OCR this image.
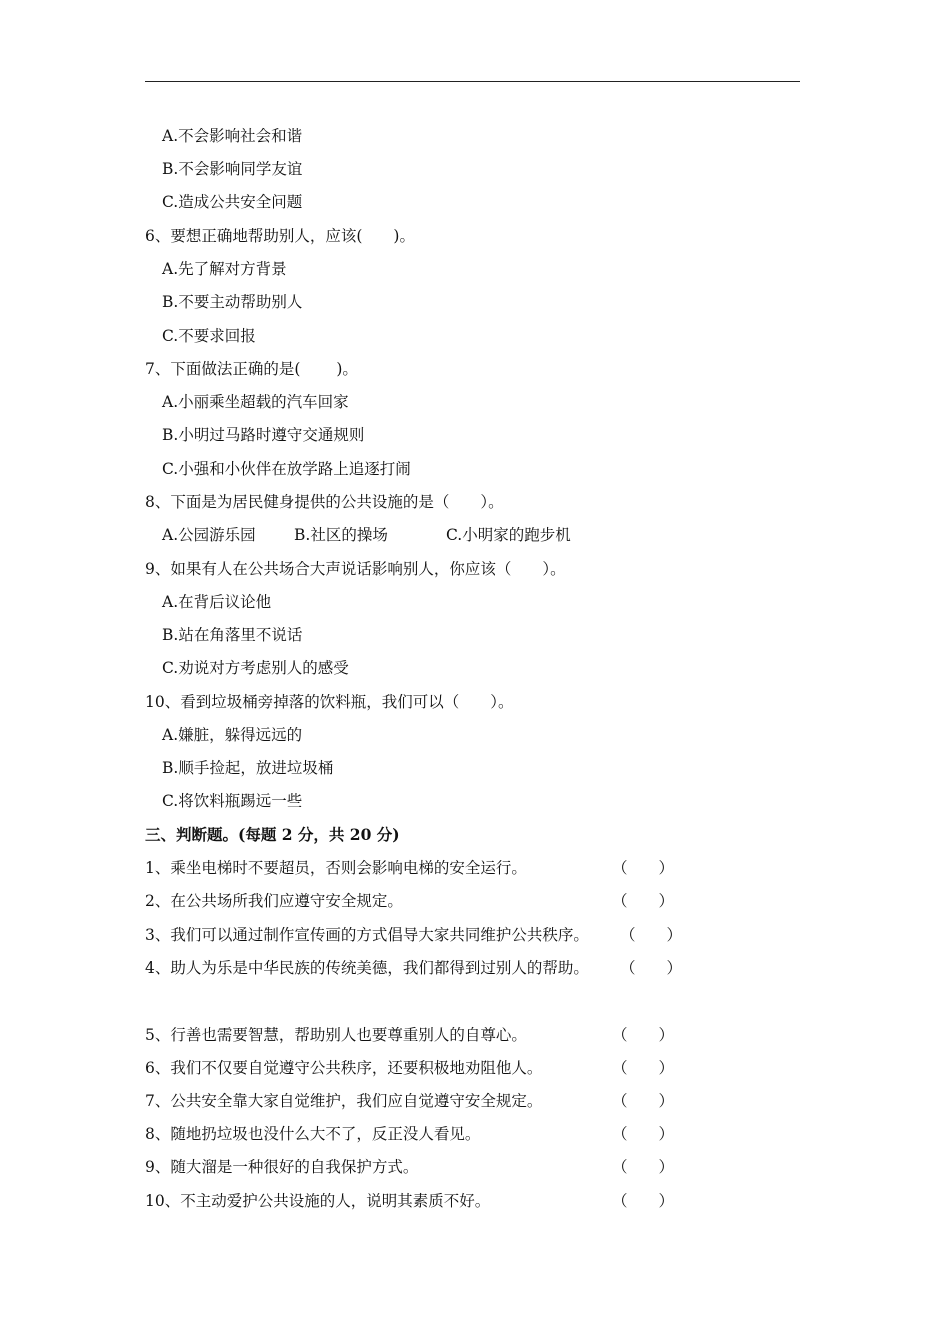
A.不会影响社会和谐
B.不会影响同学友谊
C.造成公共安全问题
6、要想正确地帮助别人，应该(　　)。
A.先了解对方背景
B.不要主动帮助别人
C.不要求回报
7、下面做法正确的是(　　 )。
A.小丽乘坐超载的汽车回家
B.小明过马路时遵守交通规则
C.小强和小伙伴在放学路上追逐打闹
8、下面是为居民健身提供的公共设施的是（　　）。
A.公园游乐园 B.社区的操场	C.小明家的跑步机
9、如果有人在公共场合大声说话影响别人，你应该（　　）。
A.在背后议论他
B.站在角落里不说话
C.劝说对方考虑别人的感受
10、看到垃圾桶旁掉落的饮料瓶，我们可以（　　）。
A.嫌脏，躲得远远的
B.顺手捡起，放进垃圾桶
C.将饮料瓶踢远一些
三、判断题。(每题 2 分，共 20 分)
1、乘坐电梯时不要超员，否则会影响电梯的安全运行。	（　　）
2、在公共场所我们应遵守安全规定。	（　　）
3、我们可以通过制作宣传画的方式倡导大家共同维护公共秩序。 （　　）
4、助人为乐是中华民族的传统美德，我们都得到过别人的帮助。 （　　）
5、行善也需要智慧，帮助别人也要尊重别人的自尊心。	（　　）
6、我们不仅要自觉遵守公共秩序，还要积极地劝阻他人。	（　　）
7、公共安全靠大家自觉维护，我们应自觉遵守安全规定。	（　　）
8、随地扔垃圾也没什么大不了，反正没人看见。	（　　）
9、随大溜是一种很好的自我保护方式。	（　　）
10、不主动爱护公共设施的人，说明其素质不好。	（　　）
